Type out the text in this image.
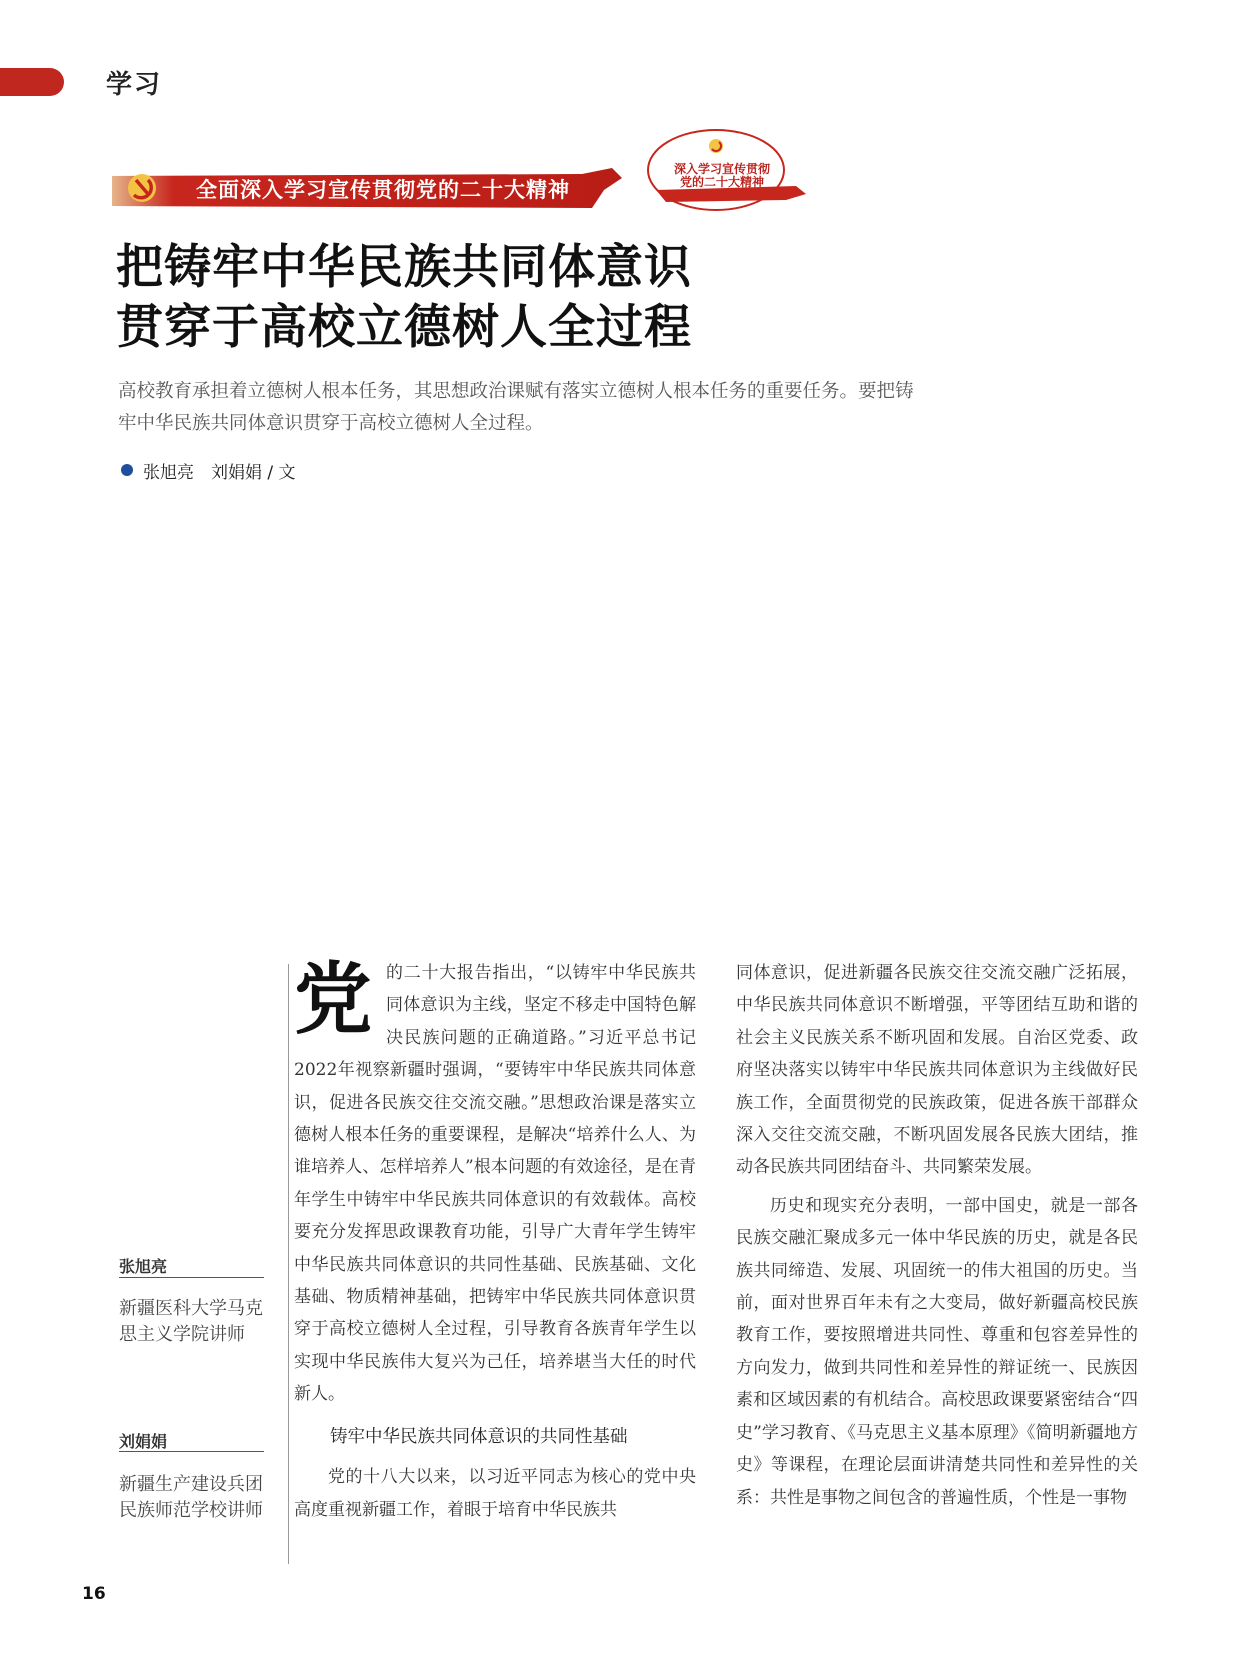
学习
全面深入学习宣传贯彻党的二十大精神
深入学习宣传贯彻
党的二十大精神
把铸牢中华民族共同体意识
贯穿于高校立德树人全过程
高校教育承担着立德树人根本任务，其思想政治课赋有落实立德树人根本任务的重要任务。要把铸牢中华民族共同体意识贯穿于高校立德树人全过程。
张旭亮　刘娟娟 / 文
张旭亮
新疆医科大学马克思主义学院讲师
刘娟娟
新疆生产建设兵团民族师范学校讲师
党 的二十大报告指出，“以铸牢中华民族共同体意识为主线，坚定不移走中国特色解决民族问题的正确道路。”习近平总书记2022年视察新疆时强调，“要铸牢中华民族共同体意识，促进各民族交往交流交融。”思想政治课是落实立德树人根本任务的重要课程，是解决“培养什么人、为谁培养人、怎样培养人”根本问题的有效途径，是在青年学生中铸牢中华民族共同体意识的有效载体。高校要充分发挥思政课教育功能，引导广大青年学生铸牢中华民族共同体意识的共同性基础、民族基础、文化基础、物质精神基础，把铸牢中华民族共同体意识贯穿于高校立德树人全过程，引导教育各族青年学生以实现中华民族伟大复兴为己任，培养堪当大任的时代新人。

铸牢中华民族共同体意识的共同性基础

党的十八大以来，以习近平同志为核心的党中央高度重视新疆工作，着眼于培育中华民族共

同体意识，促进新疆各民族交往交流交融广泛拓展，中华民族共同体意识不断增强，平等团结互助和谐的社会主义民族关系不断巩固和发展。自治区党委、政府坚决落实以铸牢中华民族共同体意识为主线做好民族工作，全面贯彻党的民族政策，促进各族干部群众深入交往交流交融，不断巩固发展各民族大团结，推动各民族共同团结奋斗、共同繁荣发展。

历史和现实充分表明，一部中国史，就是一部各民族交融汇聚成多元一体中华民族的历史，就是各民族共同缔造、发展、巩固统一的伟大祖国的历史。当前，面对世界百年未有之大变局，做好新疆高校民族教育工作，要按照增进共同性、尊重和包容差异性的方向发力，做到共同性和差异性的辩证统一、民族因素和区域因素的有机结合。高校思政课要紧密结合“四史”学习教育、《马克思主义基本原理》《简明新疆地方史》等课程，在理论层面讲清楚共同性和差异性的关系：共性是事物之间包含的普遍性质，个性是一事物

16
